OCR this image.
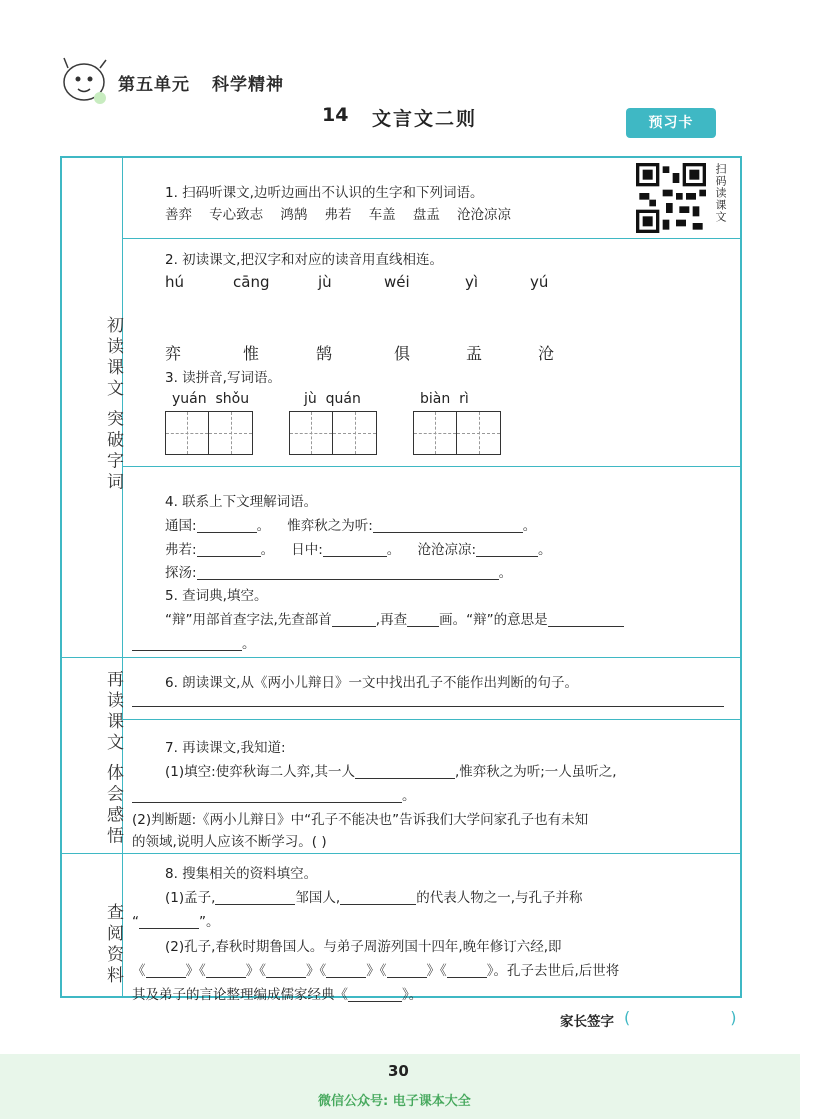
第五单元 科学精神
14 文言文二则	预习卡
初读课文 突破字词
再读课文 体会感悟
查阅资料
扫码读课文
1. 扫码听课文,边听边画出不认识的生字和下列词语。
善弈 专心致志 鸿鹄 弗若 车盖 盘盂 沧沧凉凉
2. 初读课文,把汉字和对应的读音用直线相连。
hú	cāng	jù	wéi	yì	yú
弈	惟	鹄	俱	盂	沧
3. 读拼音,写词语。
yuán  shǒu	jù  quán	biàn  rì
4. 联系上下文理解词语。
通国:	。 惟弈秋之为听:	。
弗若:	。 日中:	。 沧沧凉凉:	。
探汤:	。
5. 查词典,填空。
“辩”用部首查字法,先查部首	,再查 画。“辩”的意思是
。
6. 朗读课文,从《两小儿辩日》一文中找出孔子不能作出判断的句子。
7. 再读课文,我知道:
(1)填空:使弈秋诲二人弈,其一人	,惟弈秋之为听;一人虽听之,
。
(2)判断题:《两小儿辩日》中“孔子不能决也”告诉我们大学问家孔子也有未知
的领域,说明人应该不断学习。( )
8. 搜集相关的资料填空。
(1)孟子,	邹国人,	的代表人物之一,与孔子并称
“	”。
(2)孔子,春秋时期鲁国人。与弟子周游列国十四年,晚年修订六经,即
《	》《	》《	》《	》《	》《	》。孔子去世后,后世将
其及弟子的言论整理编成儒家经典《	》。
家长签字 ()
30
微信公众号: 电子课本大全
